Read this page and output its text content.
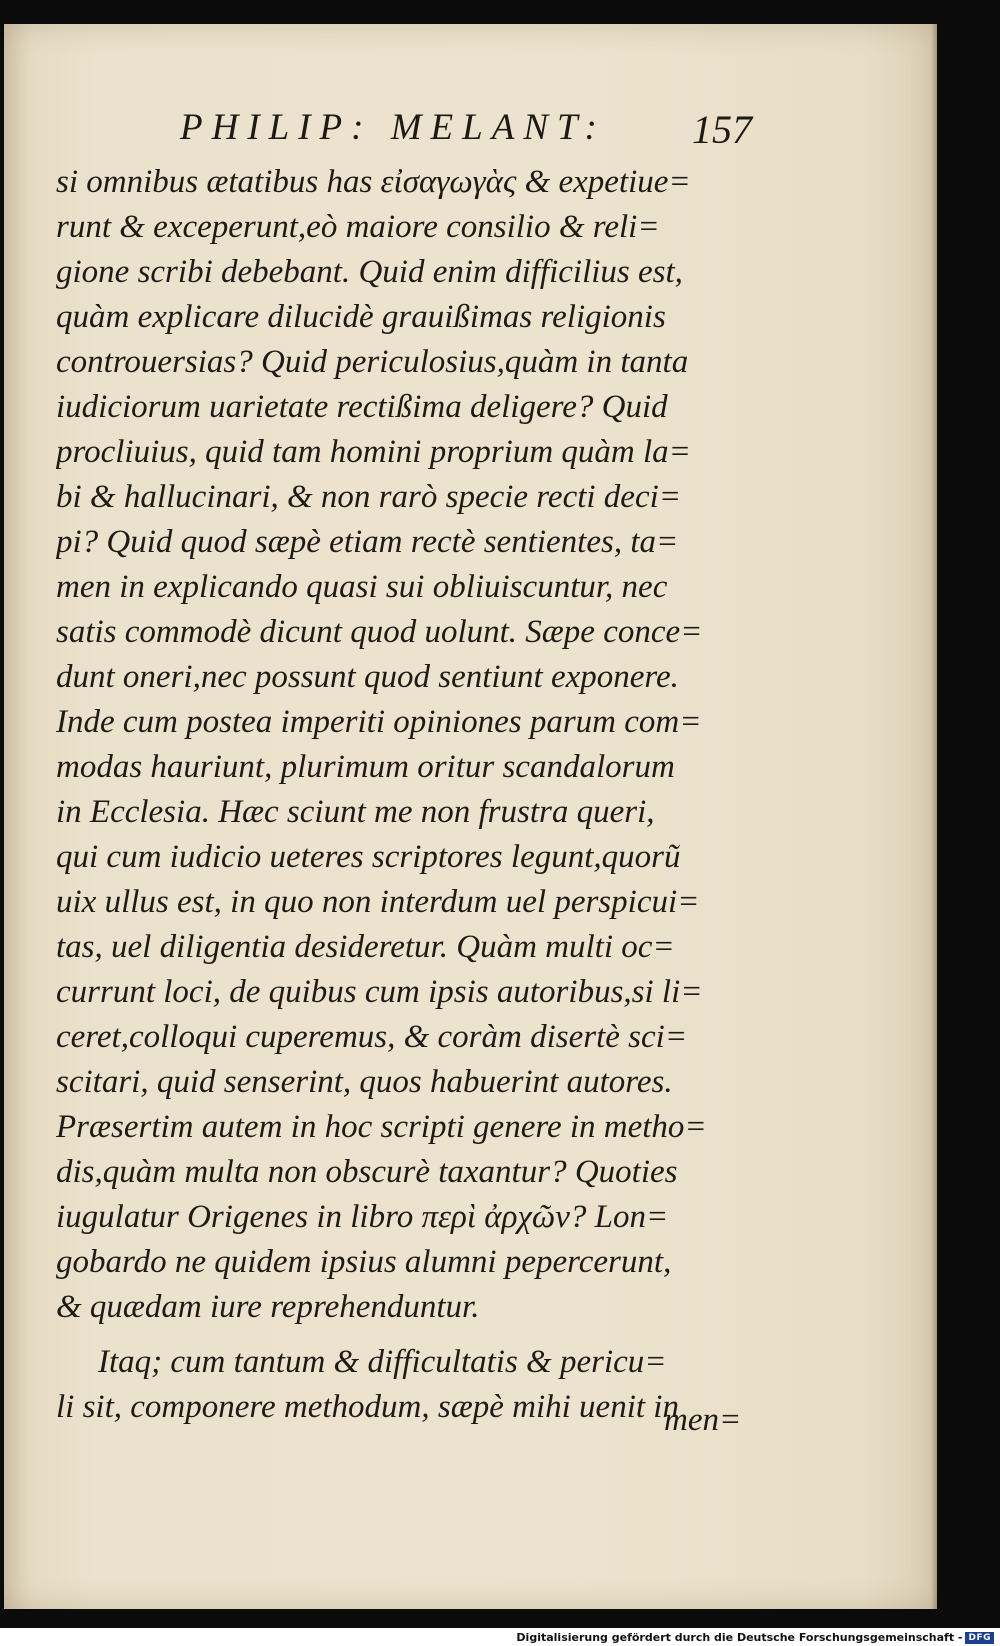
PHILIP: MELANT: 157
si omnibus ætatibus has εἰσαγωγὰς & expetiue=
runt & exceperunt,eò maiore consilio & reli=
gione scribi debebant. Quid enim difficilius est,
quàm explicare dilucidè grauißimas religionis
controuersias? Quid periculosius,quàm in tanta
iudiciorum uarietate rectißima deligere? Quid
procliuius, quid tam homini proprium quàm la=
bi & hallucinari, & non rarò specie recti deci=
pi? Quid quod sæpè etiam rectè sentientes, ta=
men in explicando quasi sui obliuiscuntur, nec
satis commodè dicunt quod uolunt. Sæpe conce=
dunt oneri,nec possunt quod sentiunt exponere.
Inde cum postea imperiti opiniones parum com=
modas hauriunt, plurimum oritur scandalorum
in Ecclesia. Hæc sciunt me non frustra queri,
qui cum iudicio ueteres scriptores legunt,quorũ
uix ullus est, in quo non interdum uel perspicui=
tas, uel diligentia desideretur. Quàm multi oc=
currunt loci, de quibus cum ipsis autoribus,si li=
ceret,colloqui cuperemus, & coràm disertè sci=
scitari, quid senserint, quos habuerint autores.
Præsertim autem in hoc scripti genere in metho=
dis,quàm multa non obscurè taxantur? Quoties
iugulatur Origenes in libro περὶ ἀρχῶν? Lon=
gobardo ne quidem ipsius alumni pepercerunt,
& quædam iure reprehenduntur.
Itaq; cum tantum & difficultatis & pericu=
li sit, componere methodum, sæpè mihi uenit in
men=
Digitalisierung gefördert durch die Deutsche Forschungsgemeinschaft - DFG
